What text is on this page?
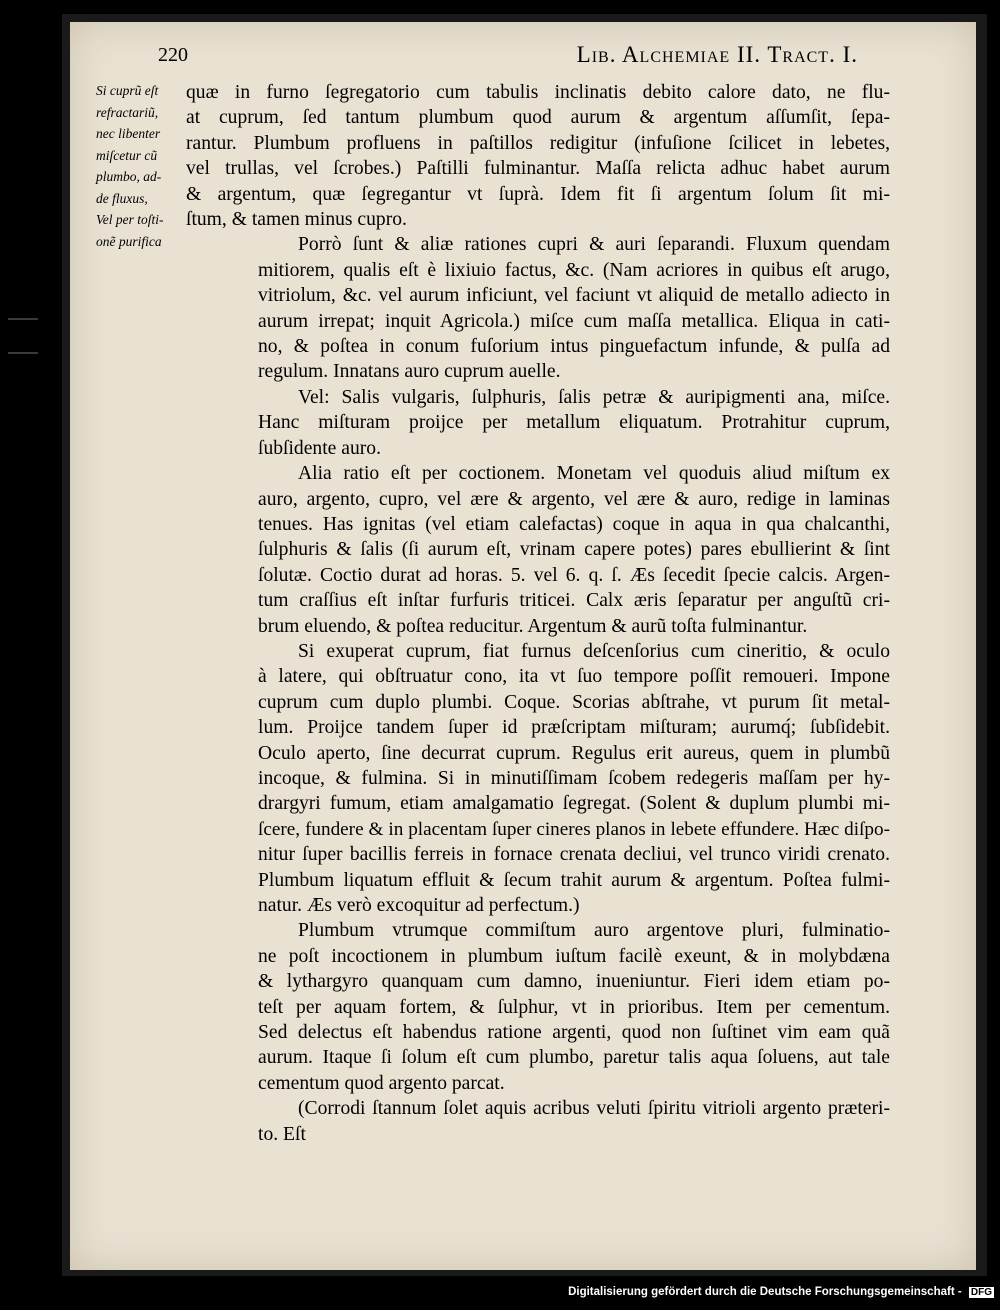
220	Lib. Alchemiae II. Tract. I.
Si cuprũ eſt
refractariũ,
nec libenter
miſcetur cũ
plumbo, ad-
de fluxus,
Vel per toſti-
onẽ purifica
quæ in furno ſegregatorio cum tabulis inclinatis debito calore dato, ne flu-
at cuprum, ſed tantum plumbum quod aurum & argentum aſſumſit, ſepa-
rantur. Plumbum profluens in paſtillos redigitur (infuſione ſcilicet in lebetes,
vel trullas, vel ſcrobes.) Paſtilli fulminantur. Maſſa relicta adhuc habet aurum
& argentum, quæ ſegregantur vt ſuprà. Idem fit ſi argentum ſolum ſit mi-
ſtum, & tamen minus cupro.
Porrò ſunt & aliæ rationes cupri & auri ſeparandi. Fluxum quendam
mitiorem, qualis eſt è lixiuio factus, &c. (Nam acriores in quibus eſt arugo,
vitriolum, &c. vel aurum inficiunt, vel faciunt vt aliquid de metallo adiecto in
aurum irrepat; inquit Agricola.) miſce cum maſſa metallica. Eliqua in cati-
no, & poſtea in conum fuſorium intus pinguefactum infunde, & pulſa ad
regulum. Innatans auro cuprum auelle.
Vel: Salis vulgaris, ſulphuris, ſalis petræ & auripigmenti ana, miſce.
Hanc miſturam proijce per metallum eliquatum. Protrahitur cuprum,
ſubſidente auro.
Alia ratio eſt per coctionem. Monetam vel quoduis aliud miſtum ex
auro, argento, cupro, vel ære & argento, vel ære & auro, redige in laminas
tenues. Has ignitas (vel etiam calefactas) coque in aqua in qua chalcanthi,
ſulphuris & ſalis (ſi aurum eſt, vrinam capere potes) pares ebullierint & ſint
ſolutæ. Coctio durat ad horas. 5. vel 6. q. ſ. Æs ſecedit ſpecie calcis. Argen-
tum craſſius eſt inſtar furfuris triticei. Calx æris ſeparatur per anguſtũ cri-
brum eluendo, & poſtea reducitur. Argentum & aurũ toſta fulminantur.
Si exuperat cuprum, fiat furnus deſcenſorius cum cineritio, & oculo
à latere, qui obſtruatur cono, ita vt ſuo tempore poſſit remoueri. Impone
cuprum cum duplo plumbi. Coque. Scorias abſtrahe, vt purum ſit metal-
lum. Proijce tandem ſuper id præſcriptam miſturam; aurumq́; ſubſidebit.
Oculo aperto, ſine decurrat cuprum. Regulus erit aureus, quem in plumbũ
incoque, & fulmina. Si in minutiſſimam ſcobem redegeris maſſam per hy-
drargyri fumum, etiam amalgamatio ſegregat. (Solent & duplum plumbi mi-
ſcere, fundere & in placentam ſuper cineres planos in lebete effundere. Hæc diſpo-
nitur ſuper bacillis ferreis in fornace crenata decliui, vel trunco viridi crenato.
Plumbum liquatum effluit & ſecum trahit aurum & argentum. Poſtea fulmi-
natur. Æs verò excoquitur ad perfectum.)
Plumbum vtrumque commiſtum auro argentove pluri, fulminatio-
ne poſt incoctionem in plumbum iuſtum facilè exeunt, & in molybdæna
& lythargyro quanquam cum damno, inueniuntur. Fieri idem etiam po-
teſt per aquam fortem, & ſulphur, vt in prioribus. Item per cementum.
Sed delectus eſt habendus ratione argenti, quod non ſuſtinet vim eam quã
aurum. Itaque ſi ſolum eſt cum plumbo, paretur talis aqua ſoluens, aut tale
cementum quod argento parcat.
(Corrodi ſtannum ſolet aquis acribus veluti ſpiritu vitrioli argento præteri-
to. Eſt
Digitalisierung gefördert durch die Deutsche Forschungsgemeinschaft - DFG
